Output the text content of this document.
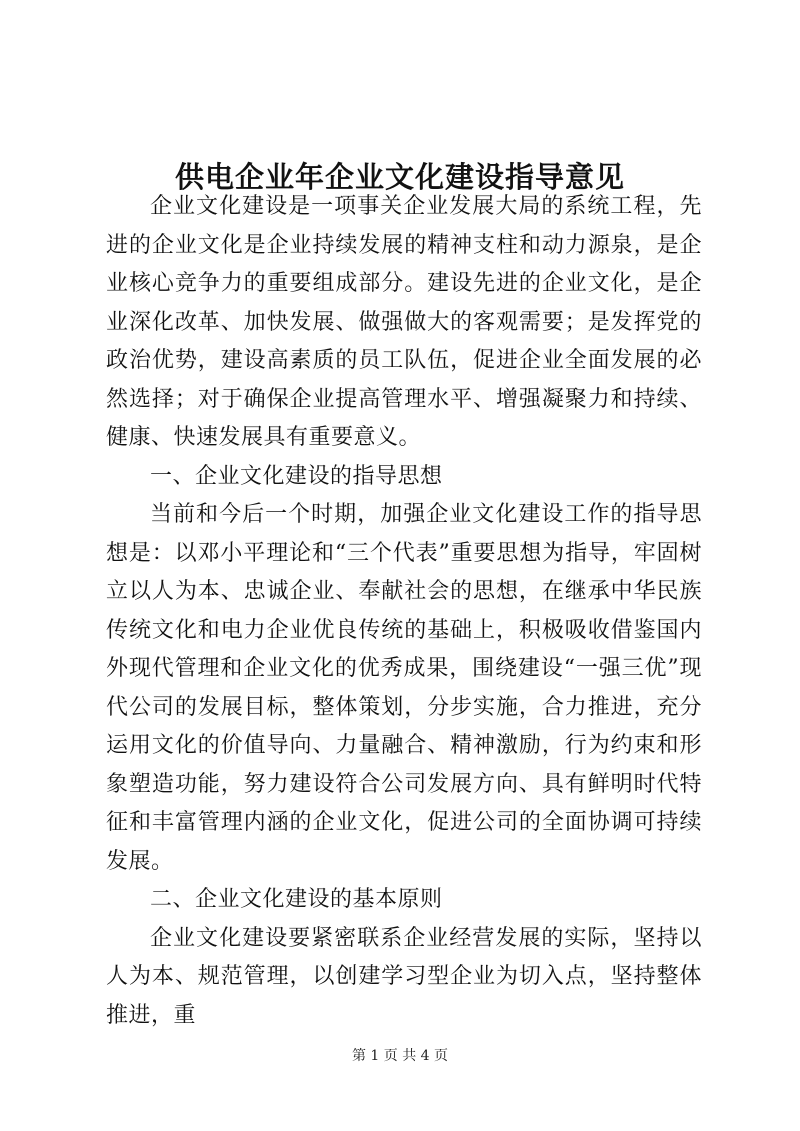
供电企业年企业文化建设指导意见

企业文化建设是一项事关企业发展大局的系统工程，先进的企业文化是企业持续发展的精神支柱和动力源泉，是企业核心竞争力的重要组成部分。建设先进的企业文化，是企业深化改革、加快发展、做强做大的客观需要；是发挥党的政治优势，建设高素质的员工队伍，促进企业全面发展的必然选择；对于确保企业提高管理水平、增强凝聚力和持续、健康、快速发展具有重要意义。

一、企业文化建设的指导思想

当前和今后一个时期，加强企业文化建设工作的指导思想是：以邓小平理论和“三个代表”重要思想为指导，牢固树立以人为本、忠诚企业、奉献社会的思想，在继承中华民族传统文化和电力企业优良传统的基础上，积极吸收借鉴国内外现代管理和企业文化的优秀成果，围绕建设“一强三优”现代公司的发展目标，整体策划，分步实施，合力推进，充分运用文化的价值导向、力量融合、精神激励，行为约束和形象塑造功能，努力建设符合公司发展方向、具有鲜明时代特征和丰富管理内涵的企业文化，促进公司的全面协调可持续发展。

二、企业文化建设的基本原则

企业文化建设要紧密联系企业经营发展的实际，坚持以人为本、规范管理，以创建学习型企业为切入点，坚持整体推进，重

第 1 页 共 4 页
